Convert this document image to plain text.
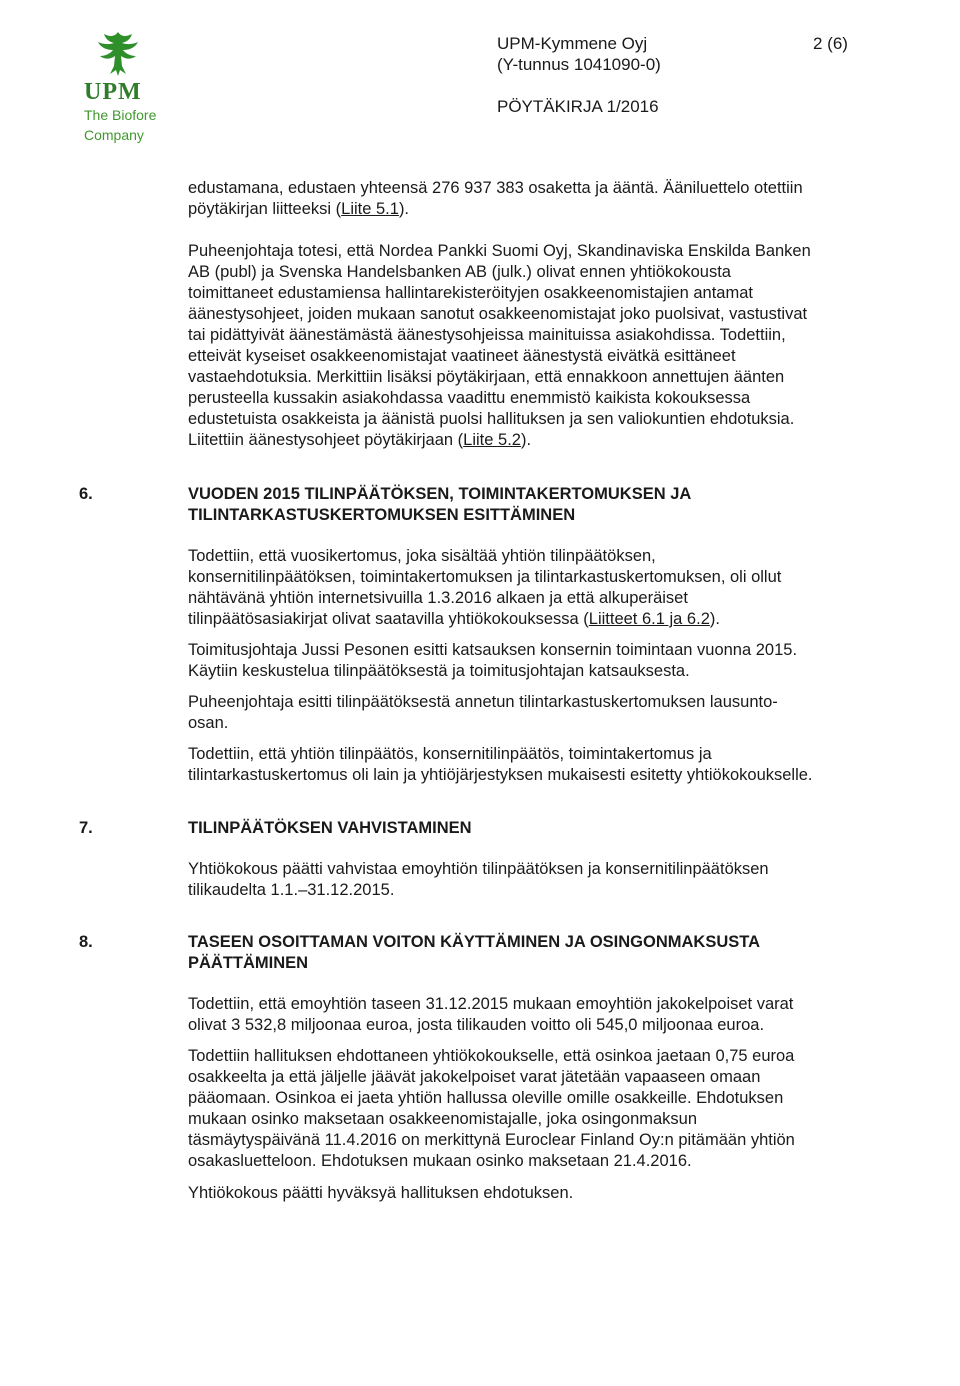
UPM
The Biofore
Company
UPM-Kymmene Oyj
(Y-tunnus 1041090-0)
2 (6)
PÖYTÄKIRJA 1/2016

edustamana, edustaen yhteensä 276 937 383 osaketta ja ääntä. Ääniluettelo otettiin
pöytäkirjan liitteeksi (Liite 5.1).

Puheenjohtaja totesi, että Nordea Pankki Suomi Oyj, Skandinaviska Enskilda Banken
AB (publ) ja Svenska Handelsbanken AB (julk.) olivat ennen yhtiökokousta
toimittaneet edustamiensa hallintarekisteröityjen osakkeenomistajien antamat
äänestysohjeet, joiden mukaan sanotut osakkeenomistajat joko puolsivat, vastustivat
tai pidättyivät äänestämästä äänestysohjeissa mainituissa asiakohdissa. Todettiin,
etteivät kyseiset osakkeenomistajat vaatineet äänestystä eivätkä esittäneet
vastaehdotuksia. Merkittiin lisäksi pöytäkirjaan, että ennakkoon annettujen äänten
perusteella kussakin asiakohdassa vaadittu enemmistö kaikista kokouksessa
edustetuista osakkeista ja äänistä puolsi hallituksen ja sen valiokuntien ehdotuksia.
Liitettiin äänestysohjeet pöytäkirjaan (Liite 5.2).

6.	VUODEN 2015 TILINPÄÄTÖKSEN, TOIMINTAKERTOMUKSEN JA
TILINTARKASTUSKERTOMUKSEN ESITTÄMINEN

Todettiin, että vuosikertomus, joka sisältää yhtiön tilinpäätöksen,
konsernitilinpäätöksen, toimintakertomuksen ja tilintarkastuskertomuksen, oli ollut
nähtävänä yhtiön internetsivuilla 1.3.2016 alkaen ja että alkuperäiset
tilinpäätösasiakirjat olivat saatavilla yhtiökokouksessa (Liitteet 6.1 ja 6.2).

Toimitusjohtaja Jussi Pesonen esitti katsauksen konsernin toimintaan vuonna 2015.
Käytiin keskustelua tilinpäätöksestä ja toimitusjohtajan katsauksesta.

Puheenjohtaja esitti tilinpäätöksestä annetun tilintarkastuskertomuksen lausunto-
osan.

Todettiin, että yhtiön tilinpäätös, konsernitilinpäätös, toimintakertomus ja
tilintarkastuskertomus oli lain ja yhtiöjärjestyksen mukaisesti esitetty yhtiökokoukselle.

7.	TILINPÄÄTÖKSEN VAHVISTAMINEN

Yhtiökokous päätti vahvistaa emoyhtiön tilinpäätöksen ja konsernitilinpäätöksen
tilikaudelta 1.1.–31.12.2015.

8.	TASEEN OSOITTAMAN VOITON KÄYTTÄMINEN JA OSINGONMAKSUSTA
PÄÄTTÄMINEN

Todettiin, että emoyhtiön taseen 31.12.2015 mukaan emoyhtiön jakokelpoiset varat
olivat 3 532,8 miljoonaa euroa, josta tilikauden voitto oli 545,0 miljoonaa euroa.

Todettiin hallituksen ehdottaneen yhtiökokoukselle, että osinkoa jaetaan 0,75 euroa
osakkeelta ja että jäljelle jäävät jakokelpoiset varat jätetään vapaaseen omaan
pääomaan. Osinkoa ei jaeta yhtiön hallussa oleville omille osakkeille. Ehdotuksen
mukaan osinko maksetaan osakkeenomistajalle, joka osingonmaksun
täsmäytyspäivänä 11.4.2016 on merkittynä Euroclear Finland Oy:n pitämään yhtiön
osakasluetteloon. Ehdotuksen mukaan osinko maksetaan 21.4.2016.

Yhtiökokous päätti hyväksyä hallituksen ehdotuksen.
